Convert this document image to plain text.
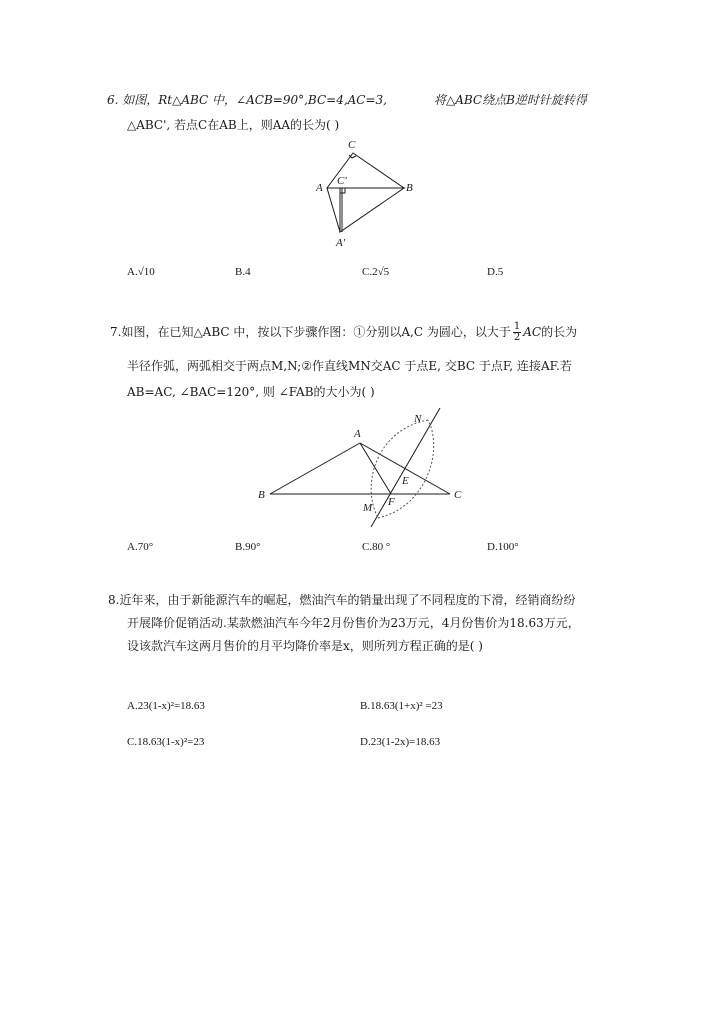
6. 如图，Rt△ABC 中，∠ACB=90°,BC=4,AC=3,	将△ABC绕点B逆时针旋转得
△ABC', 若点C在AB上，则AA的长为( )
C
C'
A	B
A'
A.√10	B.4	C.2√5	D.5
7.如图，在已知△ABC 中，按以下步骤作图：①分别以A,C 为圆心，以大于 $\frac{1}{2}$ AC的长为
半径作弧，两弧相交于两点M,N;②作直线MN交AC 于点E, 交BC 于点F, 连接AF.若
AB=AC, ∠BAC=120°, 则 ∠FAB的大小为( )
A
B	C
E
F
M
N
A.70°	B.90°	C.80 °	D.100°
8.近年来，由于新能源汽车的崛起，燃油汽车的销量出现了不同程度的下滑，经销商纷纷
开展降价促销活动.某款燃油汽车今年2月份售价为23万元，4月份售价为18.63万元，
设该款汽车这两月售价的月平均降价率是x，则所列方程正确的是( )
A.23(1-x)²=18.63	B.18.63(1+x)² =23
C.18.63(1-x)²=23	D.23(1-2x)=18.63
